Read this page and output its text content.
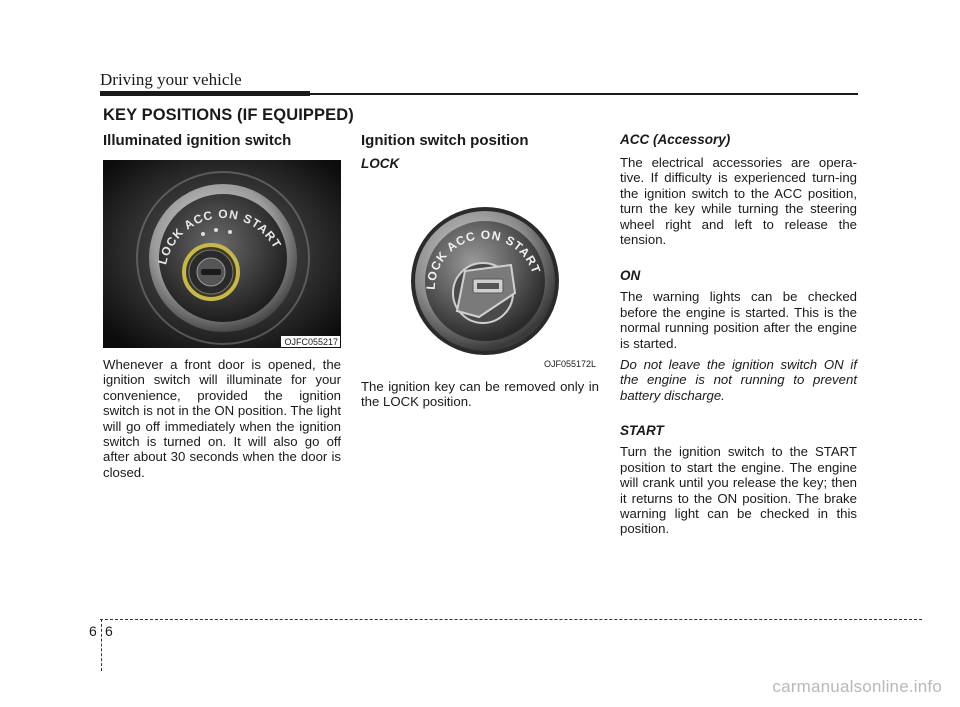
Driving your vehicle
KEY POSITIONS (IF EQUIPPED)
Illuminated ignition switch
LOCK ACC ON START
OJFC055217

Whenever a front door is opened, the ignition switch will illuminate for your convenience, provided the ignition switch is not in the ON position. The light will go off immediately when the ignition switch is turned on. It will also go off after about 30 seconds when the door is closed.

Ignition switch position
LOCK
LOCK ACC ON START
OJF055172L

The ignition key can be removed only in the LOCK position.

ACC (Accessory)

The electrical accessories are opera-tive. If difficulty is experienced turn-ing the ignition switch to the ACC position, turn the key while turning the steering wheel right and left to release the tension.

ON

The warning lights can be checked before the engine is started. This is the normal running position after the engine is started.

Do not leave the ignition switch ON if the engine is not running to prevent battery discharge.

START

Turn the ignition switch to the START position to start the engine. The engine will crank until you release the key; then it returns to the ON position. The brake warning light can be checked in this position.

6 6
carmanualsonline.info
